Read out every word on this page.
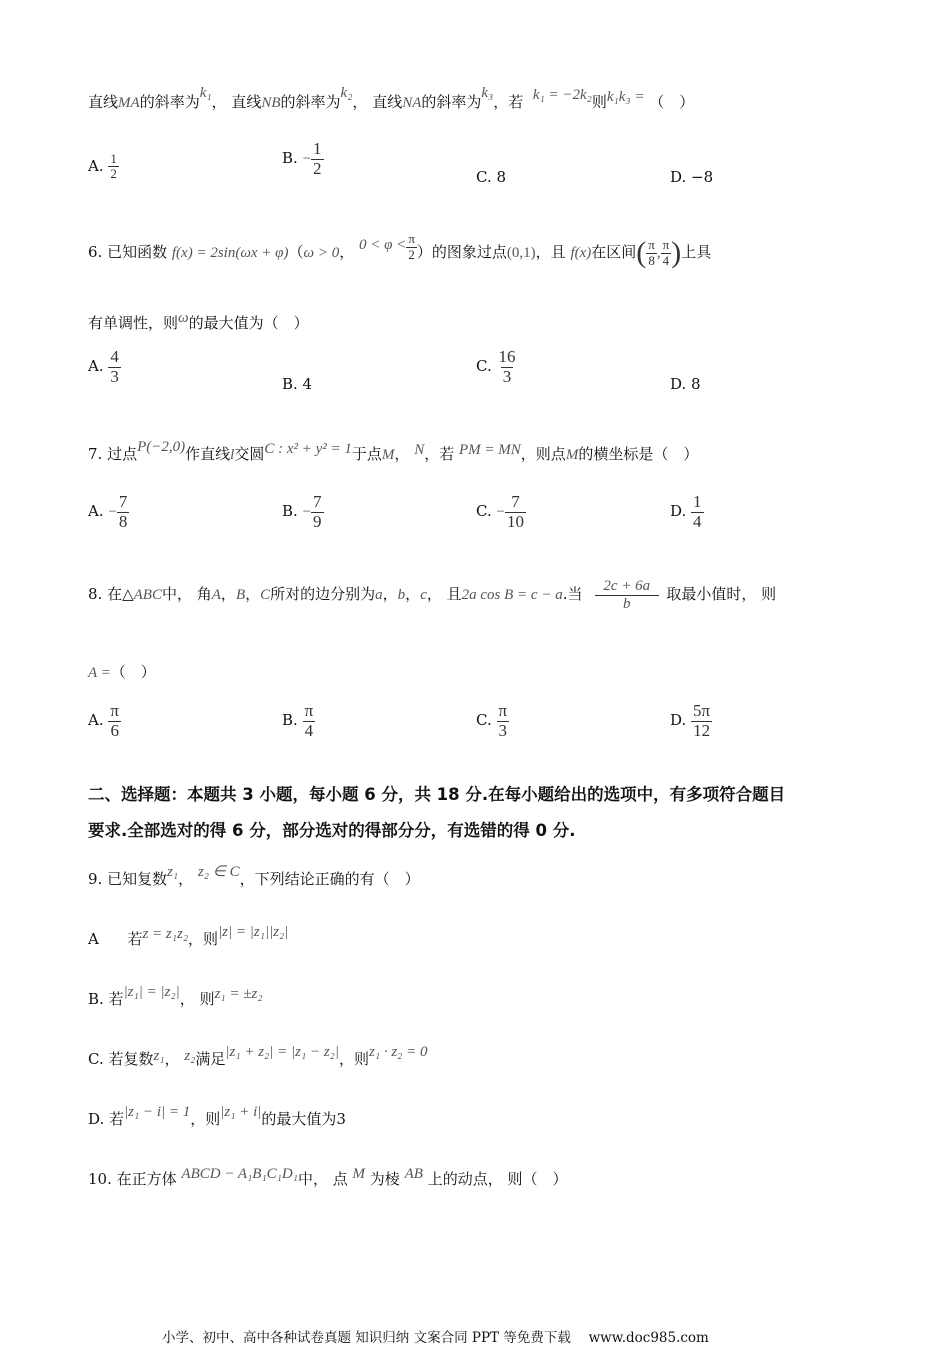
直线MA的斜率为k₁， 直线NB的斜率为k₂， 直线NA的斜率为k₃，若 k₁ = −2k₂则k₁k₃ = （　）
A. $\frac{1}{2}$	B. − $\frac{1}{2}$	C. 8	D. −8
6. 已知函数 f(x) = 2sin(ωx + φ)（ω > 0， $0 < \varphi < \frac{\pi}{2}$ ）的图象过点(0,1)，且 f(x)在区间( $\frac{\pi}{8}$ , $\frac{\pi}{4}$ )上具
有单调性，则ω的最大值为（　）
A. $\frac{4}{3}$	B. 4
C. $\frac{16}{3}$	D. 8
7. 过点P(−2,0)作直线l交圆C : x² + y² = 1于点M， N，若 PM = MN，则点M的横坐标是（　）
A. − $\frac{7}{8}$	B. − $\frac{7}{9}$	C. − $\frac{7}{10}$	D. $\frac{1}{4}$
8. 在△ABC中， 角A，B，C所对的边分别为a，b，c， 且2a cos B = c − a.当 $\frac{2c + 6a}{b}$ 取最小值时， 则
A =（　）
A. $\frac{\pi}{6}$	B. $\frac{\pi}{4}$	C. $\frac{\pi}{3}$	D. $\frac{5\pi}{12}$
二、选择题：本题共 3 小题，每小题 6 分，共 18 分.在每小题给出的选项中，有多项符合题目
要求.全部选对的得 6 分，部分选对的得部分分，有选错的得 0 分.
9. 已知复数z₁， z₂ ∈ C，下列结论正确的有（　）
A 若z = z₁z₂，则|z| = |z₁||z₂|
B. 若|z₁| = |z₂|， 则z₁ = ±z₂
C. 若复数z₁， z₂满足|z₁ + z₂| = |z₁ − z₂|，则z₁ · z₂ = 0
D. 若|z₁ − i| = 1，则|z₁ + i|的最大值为3
10. 在正方体 ABCD − A₁B₁C₁D₁中， 点 M 为棱 AB 上的动点， 则（　）
小学、初中、高中各种试卷真题 知识归纳 文案合同 PPT 等免费下载　 www.doc985.com
